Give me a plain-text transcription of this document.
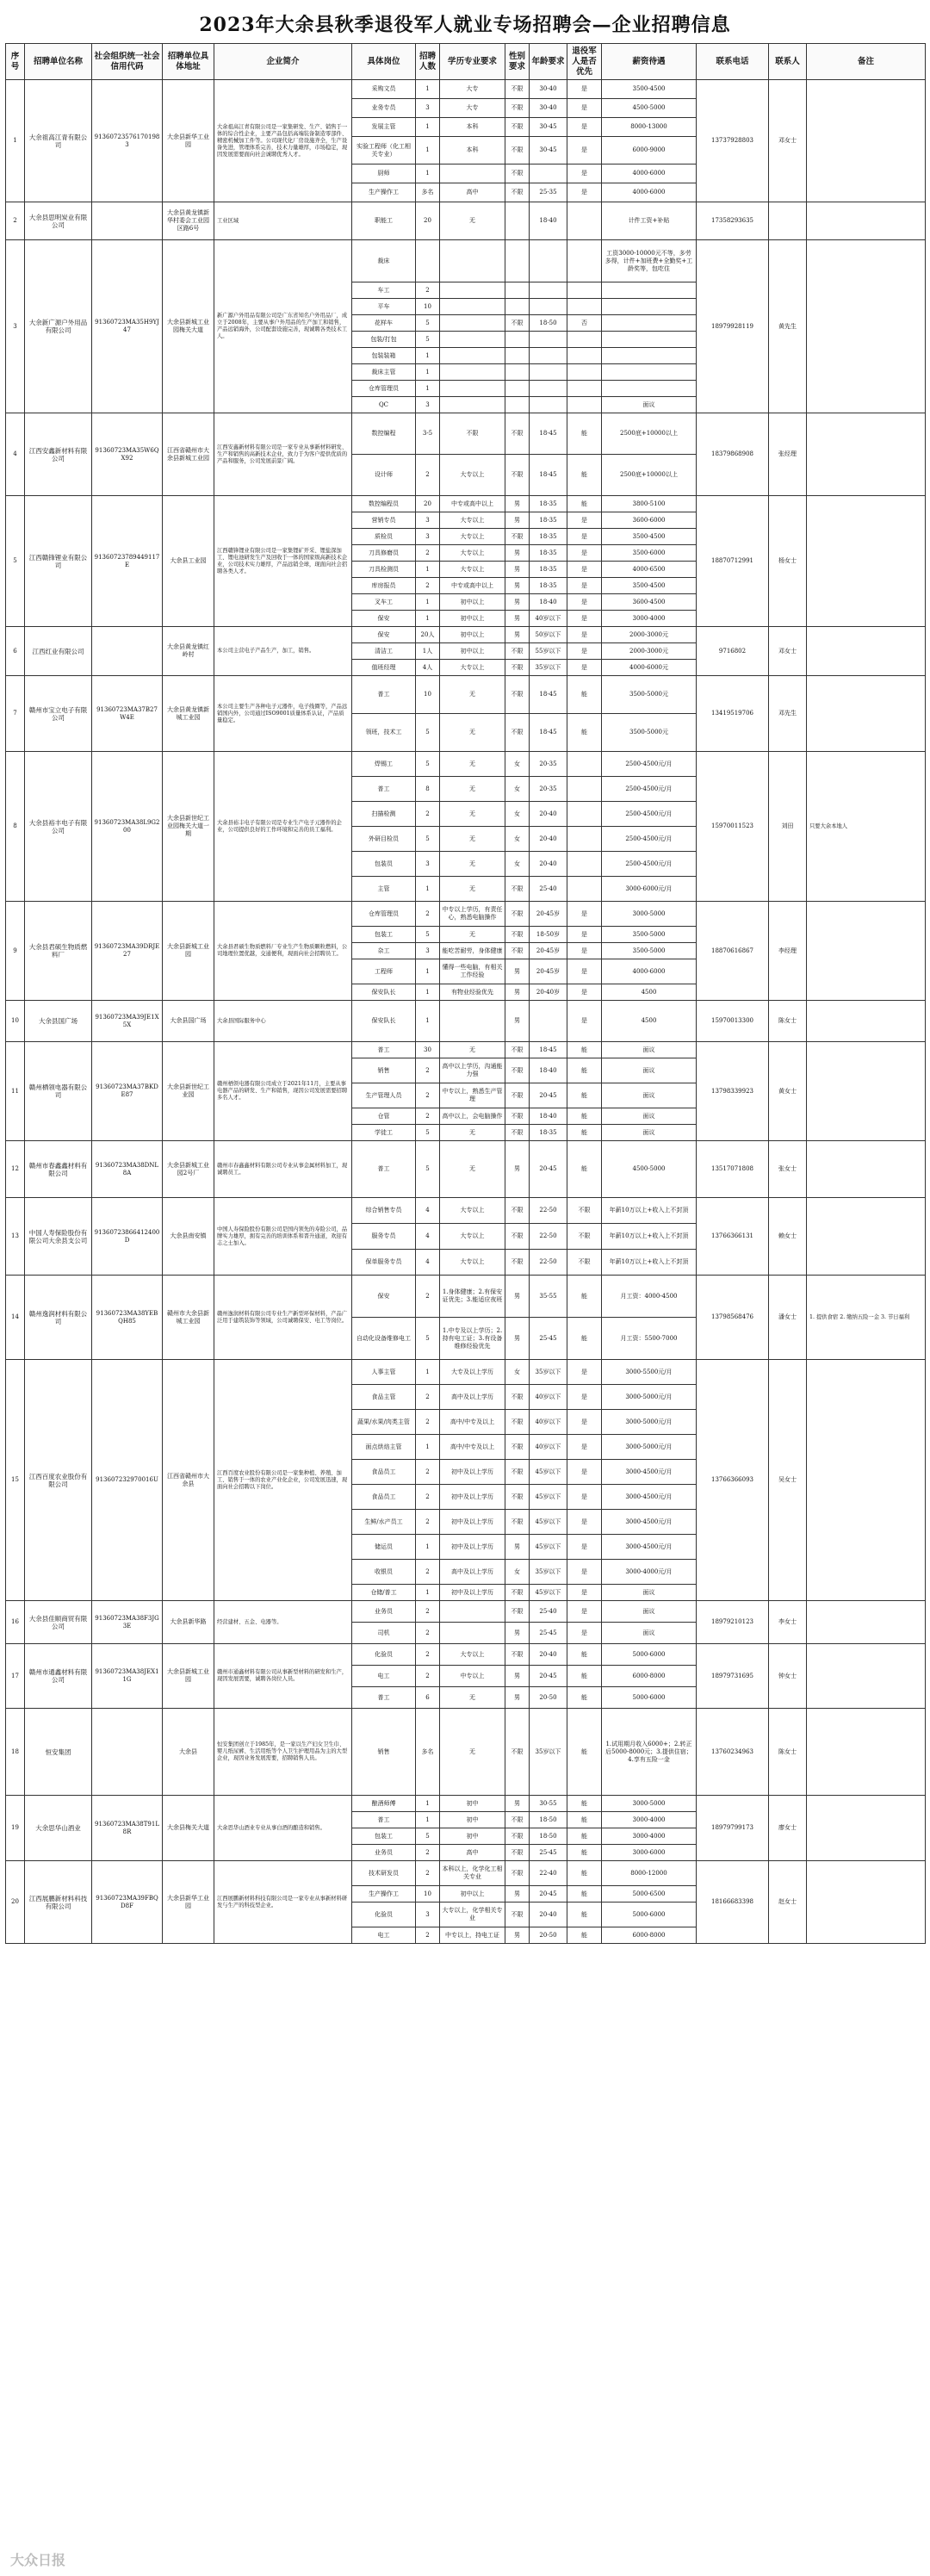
2023年大余县秋季退役军人就业专场招聘会—企业招聘信息
序号	招聘单位名称	社会组织统一社会信用代码	招聘单位具体地址	企业简介	具体岗位	招聘人数	学历专业要求	性别要求	年龄要求	退役军人是否优先	薪资待遇	联系电话	联系人	备注
1	大余祖高江青有限公司	913607235761701983	大余县新华工业园	大余祖高江青有限公司是一家集研发、生产、销售于一体的综合性企业，主要产品包括高端装备制造零部件、精密机械加工件等。公司现代化厂房设施齐全，生产设备先进，管理体系完善，技术力量雄厚，市场稳定，现因发展需要面向社会诚聘优秀人才。	采购文员	1	大专	不限	30-40	是	3500-4500	13737928803	邓女士	
					业务专员	3	大专	不限	30-40	是	4500-5000			
					发展主管	1	本科	不限	30-45	是	8000-13000			
					实验工程师（化工相关专业）	1	本科	不限	30-45	是	6000-9000			
					厨师	1		不限		是	4000-6000			
					生产操作工	多名	高中	不限	25-35	是	4000-6000			
2	大余县思明炭业有限公司		大余县黄龙镇新华村委会工业园区路6号	工业区域	职能工	20	无		18-40		计件工资+补贴	17358293635		
3	大余新广源户外用品有限公司	91360723MA35H9YJ47	大余县新城工业园梅关大道	新广源户外用品有限公司是广东省知名户外用品厂，成立于2008年，主要从事户外用品的生产加工和销售，产品远销海外，公司配套设施完善，现诚聘各类技术工人。	裁床						工资3000-10000元不等，多劳多得，计件+加班费+全勤奖+工龄奖等，包吃住	18979928119	黄先生	
					车工	2								
					平车	10								
					花样车	5		不限	18-50	否				
					包装/打包	5								
					包装装箱	1								
					裁床主管	1								
					仓库管理员	1								
					QC	3					面议			
4	江西安鑫新材料有限公司	91360723MA35W6QX92	江西省赣州市大余县新城工业园	江西安鑫新材料有限公司是一家专业从事新材料研发、生产和销售的高新技术企业，致力于为客户提供优质的产品和服务，公司发展前景广阔。	数控编程	3-5	不限	不限	18-45	能	2500底+10000以上	18379868908	张经理	
					设计师	2	大专以上	不限	18-45	能	2500底+10000以上			
5	江西赣锋锂业有限公司	91360723789449117E	大余县工业园	江西赣锋锂业有限公司是一家集锂矿开采、锂盐深加工、锂电池研发生产及回收于一体的国家级高新技术企业，公司技术实力雄厚，产品远销全球，现面向社会招聘各类人才。	数控编程员	20	中专或高中以上	男	18-35	能	3800-5100	18870712991	杨女士	
					营销专员	3	大专以上	男	18-35	是	3600-6000			
					质检员	3	大专以上	不限	18-35	是	3500-4500			
					刀具修磨员	2	大专以上	男	18-35	是	3500-6000			
					刀具检测员	1	大专以上	男	18-35	是	4000-6500			
					库房报员	2	中专或高中以上	男	18-35	是	3500-4500			
					叉车工	1	初中以上	男	18-40	是	3600-4500			
					保安	1	初中以上	男	40岁以下	是	3000-4000			
6	江西红业有限公司		大余县黄龙镇红岭村	本公司主营电子产品生产，加工，销售。	保安	20人	初中以上	男	50岁以下	是	2000-3000元	9716802	邓女士	
					清洁工	1人	初中以上	不限	55岁以下	是	2000-3000元			
					值班经理	4人	大专以上	不限	35岁以下	是	4000-6000元			
7	赣州市宝立电子有限公司	91360723MA37B27W4E	大余县黄龙镇新城工业园	本公司主要生产各种电子元器件，电子线圈等，产品远销国内外，公司通过ISO9001质量体系认证，产品质量稳定。	普工	10	无	不限	18-45	能	3500-5000元	13419519706	邓先生	
					领班，技术工	5	无	不限	18-45	能	3500-5000元			
8	大余县裕丰电子有限公司	91360723MA38L9G200	大余县新世纪工业园梅关大道一期	大余县裕丰电子有限公司是专业生产电子元器件的企业，公司提供良好的工作环境和完善的员工福利。	焊锡工	5	无	女	20-35		2500-4500元/月	15970011523	刘田	只要大余本地人
					普工	8	无	女	20-35		2500-4500元/月			
					扫描检测	2	无	女	20-40		2500-4500元/月			
					外研目检员	5	无	女	20-40		2500-4500元/月			
					包装员	3	无	女	20-40		2500-4500元/月			
					主管	1	无	不限	25-40		3000-6000元/月			
9	大余县君硕生物质燃料厂	91360723MA39DRJE27	大余县新城工业园	大余县君硕生物质燃料厂专业生产生物质颗粒燃料，公司地理位置优越，交通便利，现面向社会招聘员工。	仓库管理员	2	中专以上学历，有责任心，熟悉电脑操作	不限	20-45岁	是	3000-5000	18870616867	李经理	
					包装工	5	无	不限	18-50岁	是	3500-5000			
					杂工	3	能吃苦耐劳，身体健康	不限	20-45岁	是	3500-5000			
					工程师	1	懂得一些电脑，有相关工作经验	男	20-45岁	是	4000-6000			
					保安队长	1	有物业经验优先	男	20-40岁	是	4500			
10	大余县国广场	91360723MA39JE1X5X	大余县国广场	大余县国际服务中心	保安队长	1		男		是	4500	15970013300	陈女士	
11	赣州栖领电器有限公司	91360723MA37BKDE87	大余县新世纪工业园	赣州栖领电器有限公司成立于2021年11月，主要从事电器产品的研发、生产和销售，现因公司发展需要招聘多名人才。	普工	30	无	不限	18-45	能	面议	13798339923	黄女士	
					销售	2	高中以上学历，沟通能力强	不限	18-40	能	面议			
					生产管理人员	2	中专以上，熟悉生产管理	不限	20-45	能	面议			
					仓管	2	高中以上，会电脑操作	不限	18-40	能	面议			
					学徒工	5	无	不限	18-35	能	面议			
12	赣州市春鑫鑫材料有限公司	91360723MA38DNL8A	大余县新城工业园2号厂	赣州市春鑫鑫材料有限公司专业从事金属材料加工，现诚聘员工。	普工	5	无	男	20-45	能	4500-5000	13517071808	张女士	
13	中国人寿保险股份有限公司大余县支公司	91360723866412400D	大余县南安镇	中国人寿保险股份有限公司是国内领先的寿险公司，品牌实力雄厚，拥有完善的培训体系和晋升通道，欢迎有志之士加入。	综合销售专员	4	大专以上	不限	22-50	不限	年薪10万以上+收入上不封顶	13766366131	赖女士	
					服务专员	4	大专以上	不限	22-50	不限	年薪10万以上+收入上不封顶			
					保单服务专员	4	大专以上	不限	22-50	不限	年薪10万以上+收入上不封顶			
14	赣州逸润材料有限公司	91360723MA38YEBQH85	赣州市大余县新城工业园	赣州逸润材料有限公司专业生产新型环保材料，产品广泛用于建筑装饰等领域，公司诚聘保安、电工等岗位。	保安	2	1.身体健康；2.有保安证优先；3.能适应夜班	男	35-55	能	月工资：4000-4500	13798568476	潘女士	1. 提供食宿 2. 缴纳五险一金 3. 节日福利
					自动化设备维修电工	5	1.中专及以上学历；2.持有电工证；3.有设备维修经验优先	男	25-45	能	月工资：5500-7000			
15	江西百度农业股份有限公司	913607232970016U	江西省赣州市大余县	江西百度农业股份有限公司是一家集种植、养殖、加工、销售于一体的农业产业化企业，公司发展迅速，现面向社会招聘以下岗位。	人事主管	1	大专及以上学历	女	35岁以下	是	3000-5500元/月	13766366093	吴女士	
					食品主管	2	高中及以上学历	不限	40岁以下	是	3000-5000元/月			
					蔬果/水果/肉类主管	2	高中/中专及以上	不限	40岁以下	是	3000-5000元/月			
					面点烘焙主管	1	高中/中专及以上	不限	40岁以下	是	3000-5000元/月			
					食品员工	2	初中及以上学历	不限	45岁以下	是	3000-4500元/月			
					食品员工	2	初中及以上学历	不限	45岁以下	是	3000-4500元/月			
					生鲜/水产员工	2	初中及以上学历	不限	45岁以下	是	3000-4500元/月			
					储运员	1	初中及以上学历	男	45岁以下	是	3000-4500元/月			
					收银员	2	高中及以上学历	女	35岁以下	是	3000-4000元/月			
					仓储/普工	1	初中及以上学历	不限	45岁以下	是	面议			
16	大余县佳顺商贸有限公司	91360723MA38F3JG3E	大余县新华路	经营建材、五金、电器等。	业务员	2		不限	25-40	是	面议	18979210123	李女士	
					司机	2		男	25-45	是	面议			
17	赣州市通鑫材料有限公司	91360723MA38JEX11G	大余县新城工业园	赣州市通鑫材料有限公司从事新型材料的研发和生产，现因发展需要，诚聘各岗位人员。	化验员	2	大专以上	不限	20-40	能	5000-6000	18979731695	钟女士	
					电工	2	中专以上	男	20-45	能	6000-8000			
					普工	6	无	男	20-50	能	5000-6000			
18	恒安集团		大余县	恒安集团创立于1985年，是一家以生产妇女卫生巾、婴儿纸尿裤、生活用纸等个人卫生护理用品为主的大型企业，现因业务发展需要，招聘销售人员。	销售	多名	无	不限	35岁以下	能	1.试用期月收入6000+；2.转正后5000-8000元；3.提供住宿；4.享有五险一金	13760234963	陈女士	
19	大余思华山酒业	91360723MA38T91L8R	大余县梅关大道	大余思华山酒业专业从事白酒的酿造和销售。	酿酒师傅	1	初中	男	30-55	能	3000-5000	18979799173	廖女士	
					普工	1	初中	不限	18-50	能	3000-4000			
					包装工	5	初中	不限	18-50	能	3000-4000			
					业务员	2	高中	不限	25-45	能	3000-6000			
20	江西展鹏新材料科技有限公司	91360723MA39FBQD8F	大余县新华工业园	江西展鹏新材料科技有限公司是一家专业从事新材料研发与生产的科技型企业。	技术研发员	2	本科以上，化学化工相关专业	不限	22-40	能	8000-12000	18166683398	赵女士	
					生产操作工	10	初中以上	男	20-45	能	5000-6500			
					化验员	3	大专以上，化学相关专业	不限	20-40	能	5000-6000			
					电工	2	中专以上，持电工证	男	20-50	能	6000-8000			
大众日报
